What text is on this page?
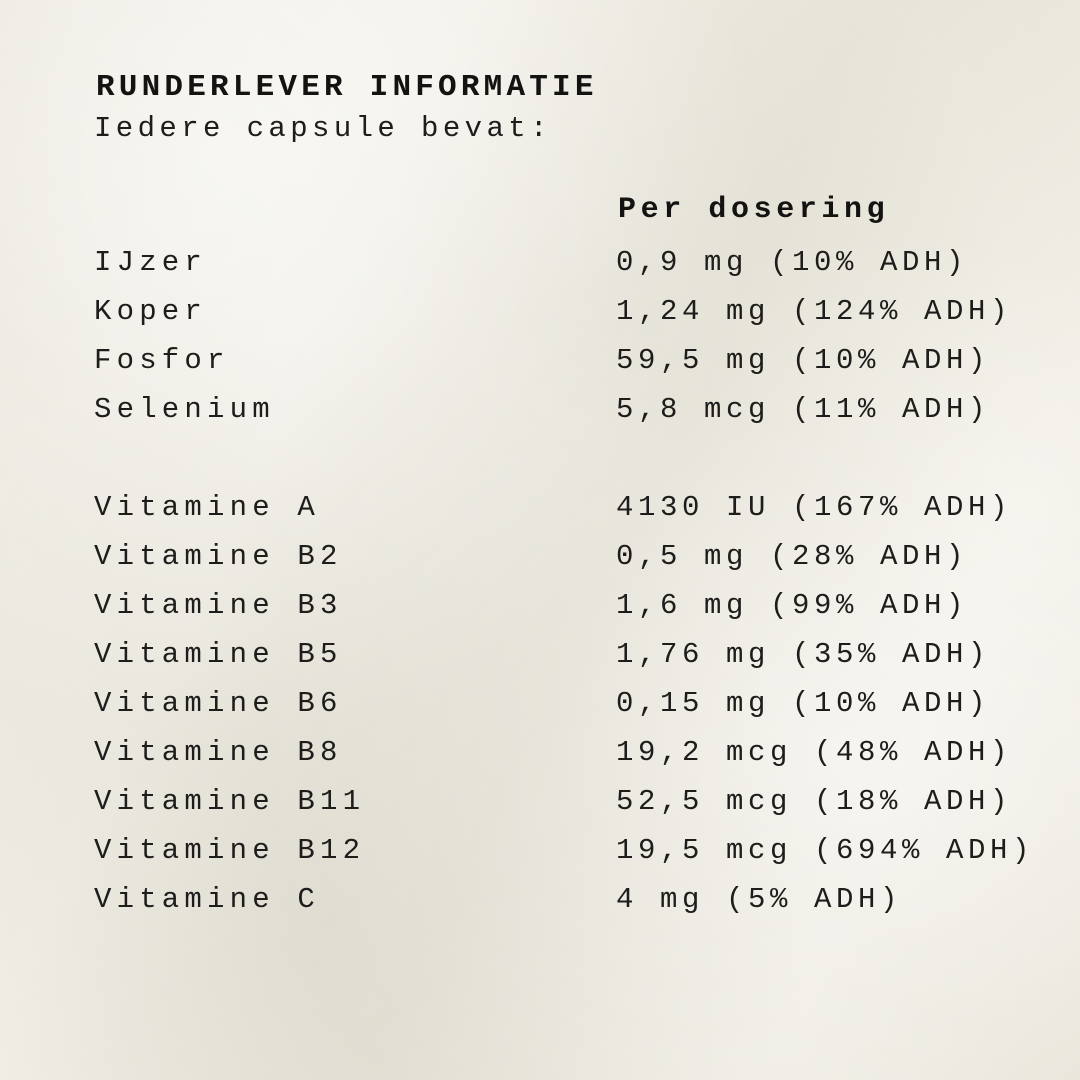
RUNDERLEVER INFORMATIE
Iedere capsule bevat:
Per dosering
IJzer	0,9 mg (10% ADH)
Koper	1,24 mg (124% ADH)
Fosfor	59,5 mg (10% ADH)
Selenium	5,8 mcg (11% ADH)
Vitamine A	4130 IU (167% ADH)
Vitamine B2	0,5 mg (28% ADH)
Vitamine B3	1,6 mg (99% ADH)
Vitamine B5	1,76 mg (35% ADH)
Vitamine B6	0,15 mg (10% ADH)
Vitamine B8	19,2 mcg (48% ADH)
Vitamine B11	52,5 mcg (18% ADH)
Vitamine B12	19,5 mcg (694% ADH)
Vitamine C	4 mg (5% ADH)
